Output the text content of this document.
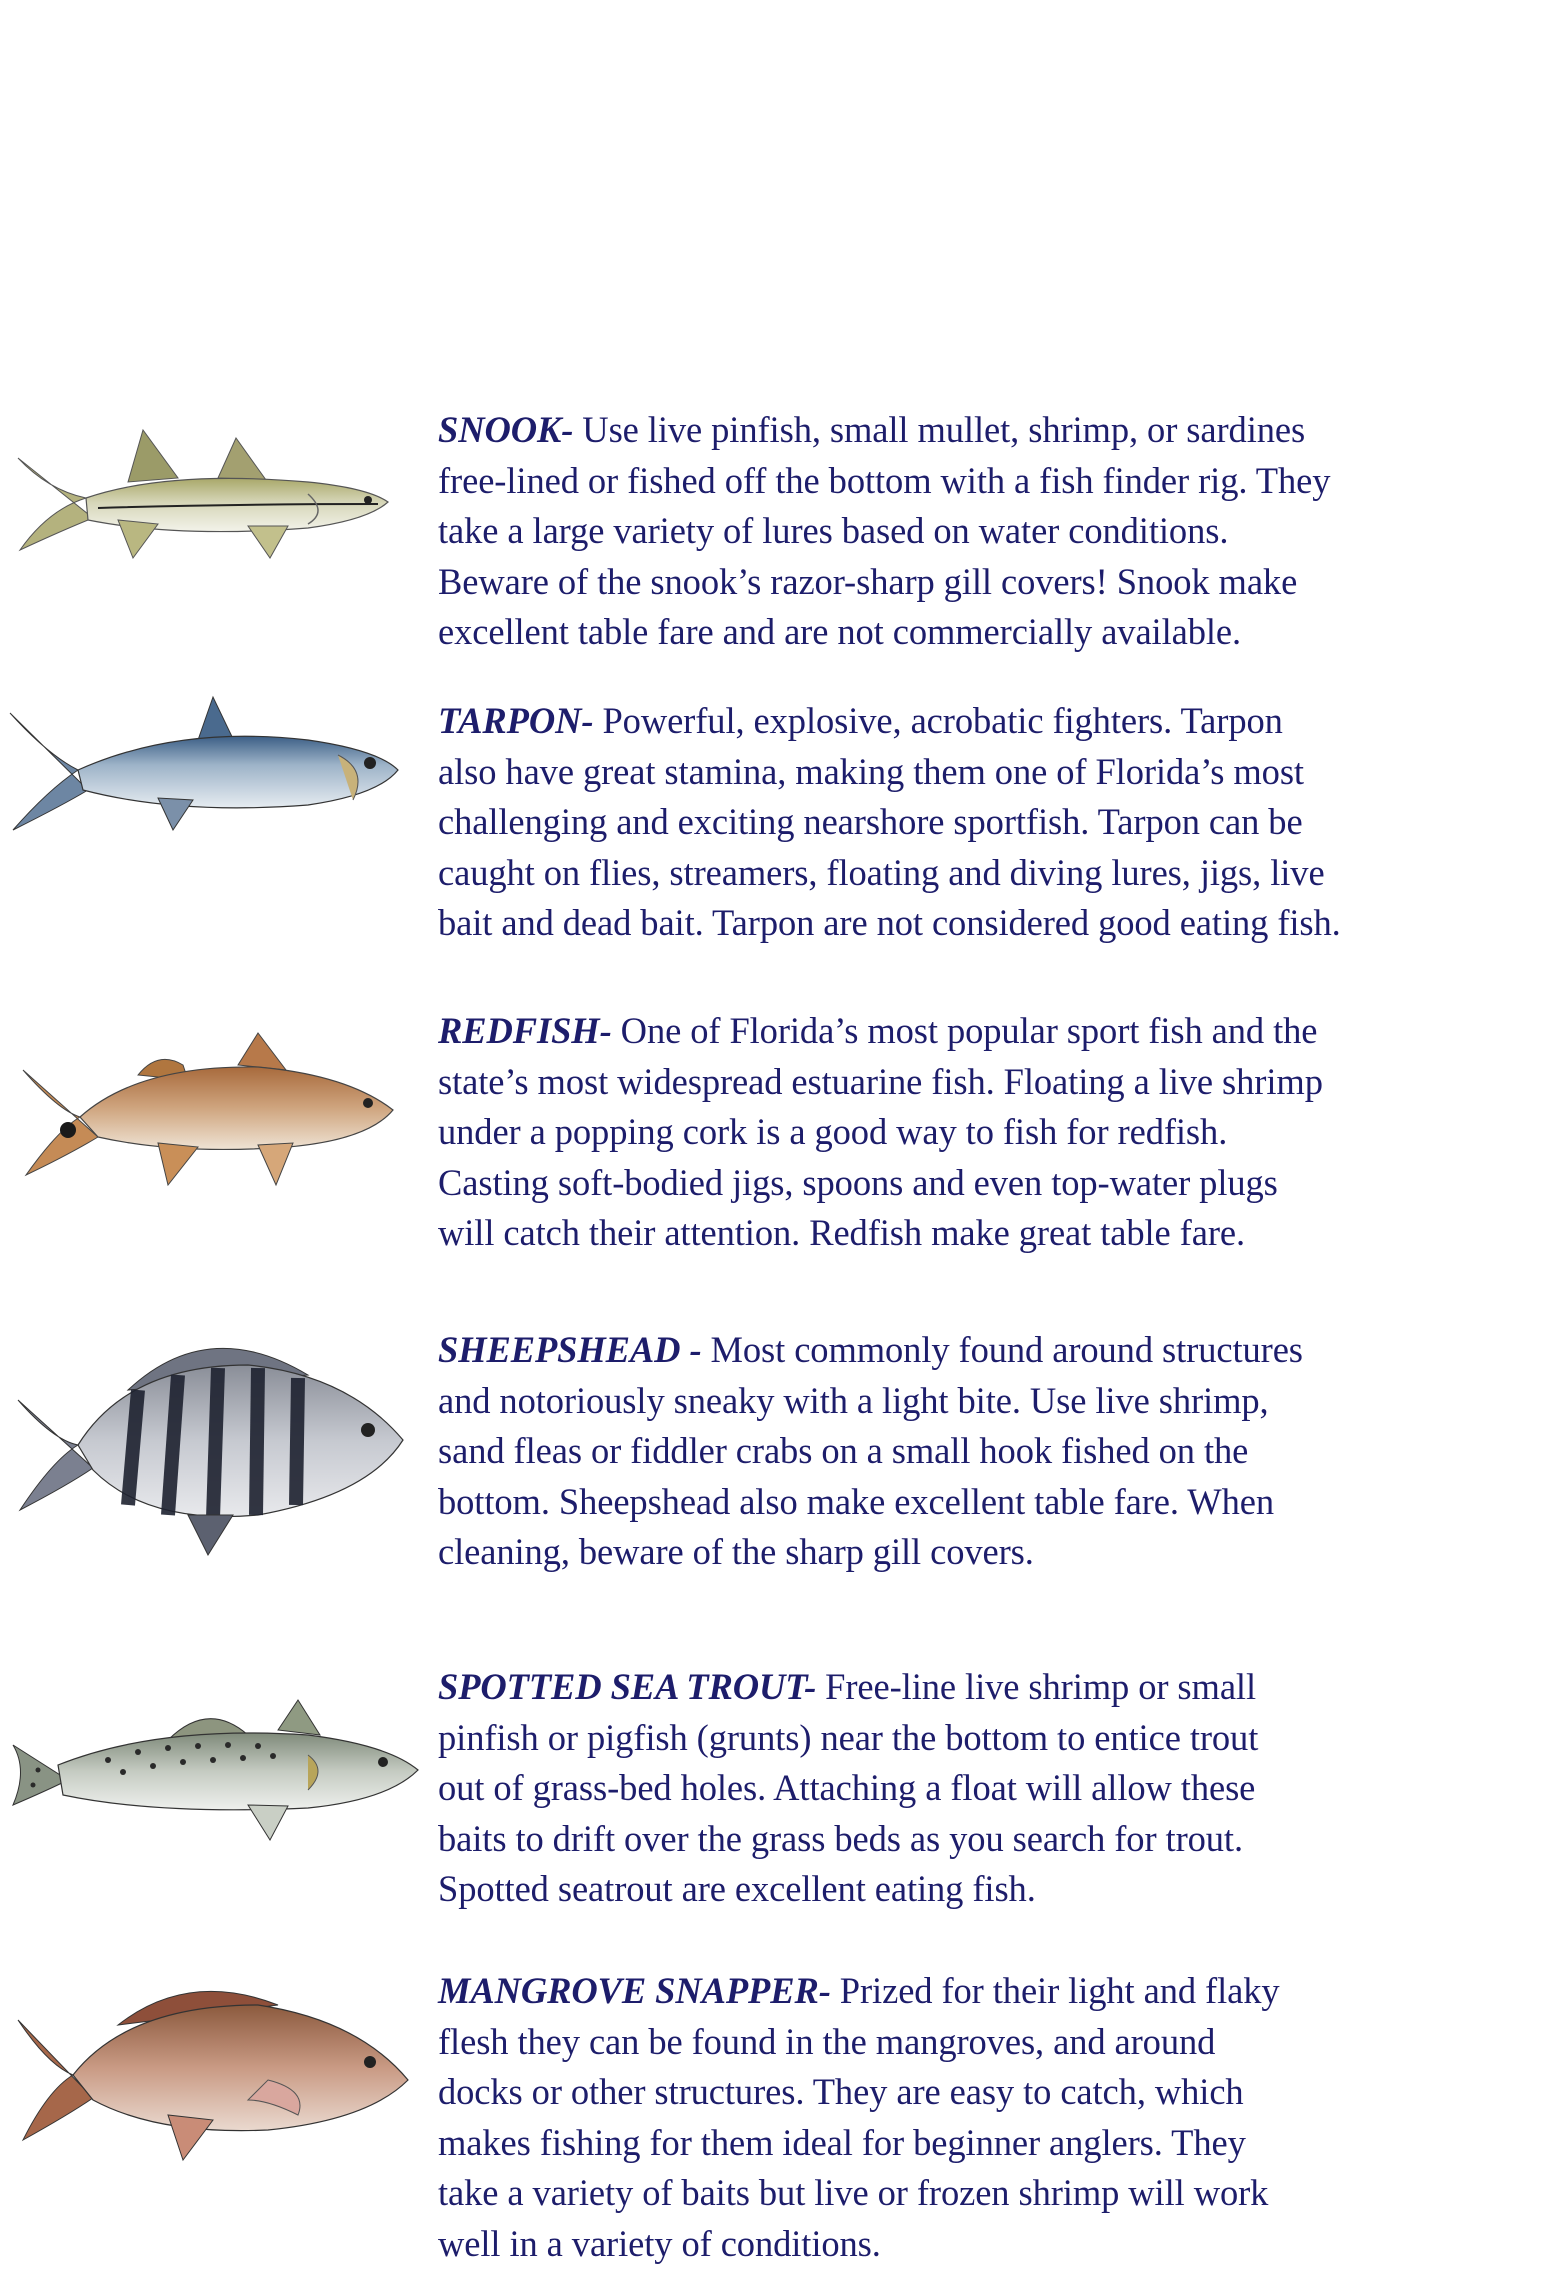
SNOOK- Use live pinfish, small mullet, shrimp, or sardines
free-lined or fished off the bottom with a fish finder rig. They
take a large variety of lures based on water conditions.
Beware of the snook’s razor-sharp gill covers! Snook make
excellent table fare and are not commercially available.
TARPON- Powerful, explosive, acrobatic fighters. Tarpon
also have great stamina, making them one of Florida’s most
challenging and exciting nearshore sportfish. Tarpon can be
caught on flies, streamers, floating and diving lures, jigs, live
bait and dead bait. Tarpon are not considered good eating fish.
REDFISH- One of Florida’s most popular sport fish and the
state’s most widespread estuarine fish. Floating a live shrimp
under a popping cork is a good way to fish for redfish.
Casting soft-bodied jigs, spoons and even top-water plugs
will catch their attention. Redfish make great table fare.
SHEEPSHEAD - Most commonly found around structures
and notoriously sneaky with a light bite. Use live shrimp,
sand fleas or fiddler crabs on a small hook fished on the
bottom. Sheepshead also make excellent table fare. When
cleaning, beware of the sharp gill covers.
SPOTTED SEA TROUT- Free-line live shrimp or small
pinfish or pigfish (grunts) near the bottom to entice trout
out of grass-bed holes. Attaching a float will allow these
baits to drift over the grass beds as you search for trout.
Spotted seatrout are excellent eating fish.
MANGROVE SNAPPER- Prized for their light and flaky
flesh they can be found in the mangroves, and around
docks or other structures. They are easy to catch, which
makes fishing for them ideal for beginner anglers. They
take a variety of baits but live or frozen shrimp will work
well in a variety of conditions.
